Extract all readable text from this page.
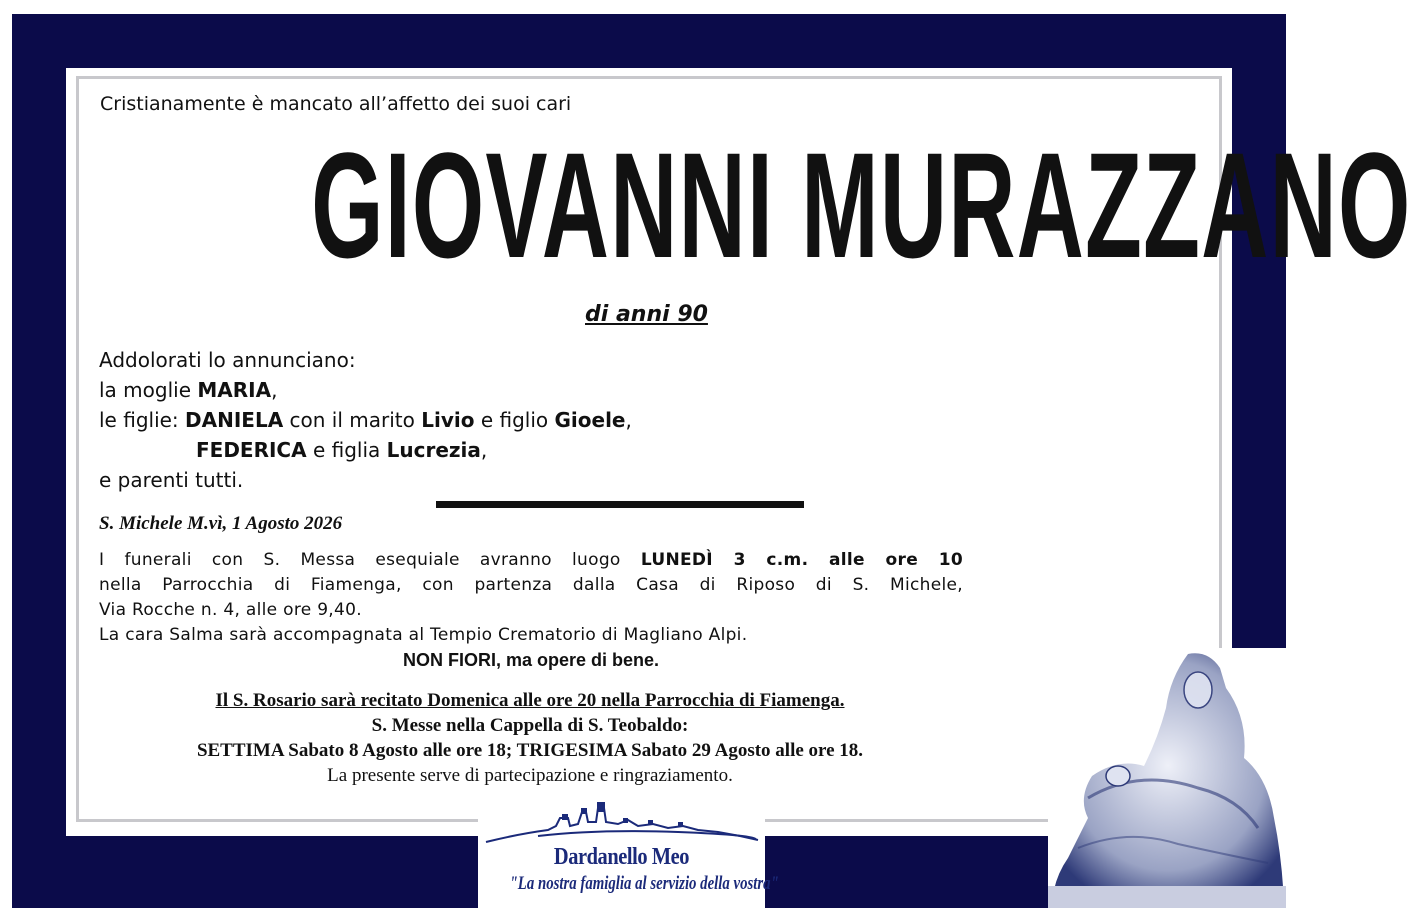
Cristianamente è mancato all’affetto dei suoi cari
GIOVANNI MURAZZANO
di anni 90
Addolorati lo annunciano:
la moglie MARIA,
le figlie: DANIELA con il marito Livio e figlio Gioele,
FEDERICA e figlia Lucrezia,
e parenti tutti.
S. Michele M.vì, 1 Agosto 2026
I funerali con S. Messa esequiale avranno luogo LUNEDÌ 3 c.m. alle ore 10
nella Parrocchia di Fiamenga, con partenza dalla Casa di Riposo di S. Michele,
Via Rocche n. 4, alle ore 9,40.
La cara Salma sarà accompagnata al Tempio Crematorio di Magliano Alpi.
NON FIORI, ma opere di bene.
Il S. Rosario sarà recitato Domenica alle ore 20 nella Parrocchia di Fiamenga.
S. Messe nella Cappella di S. Teobaldo:
SETTIMA Sabato 8 Agosto alle ore 18; TRIGESIMA Sabato 29 Agosto alle ore 18.
La presente serve di partecipazione e ringraziamento.
Dardanello Meo
"La nostra famiglia al servizio della vostra"
